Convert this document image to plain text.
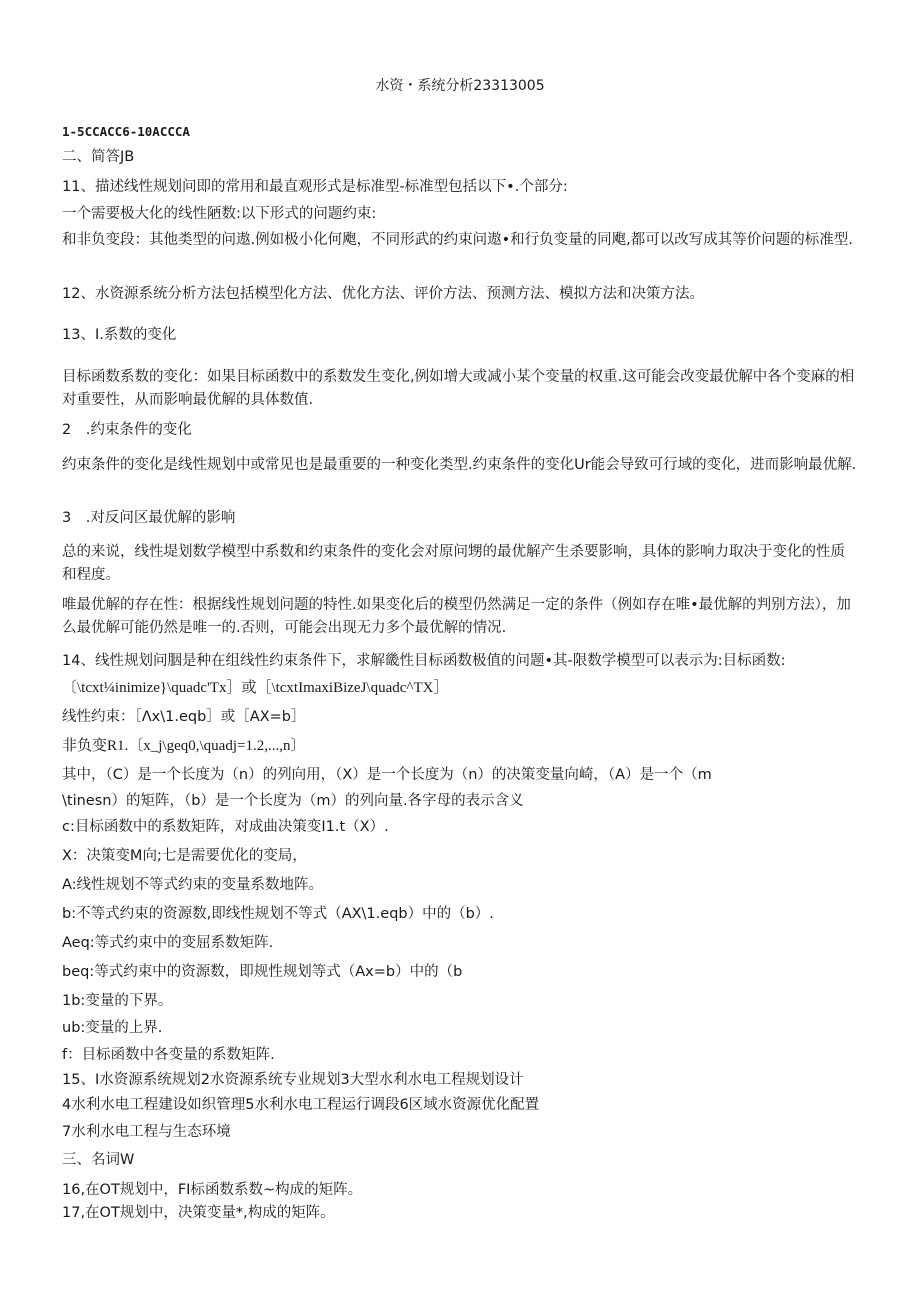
水资・系统分析23313005
1-5CCACC6-10ACCCA
二、简答JB
11、描述线性规划问即的常用和最直观形式是标准型-标准型包括以下•.个部分:
一个需要极大化的线性陋数:以下形式的问题约束:
和非负变段：其他类型的问遨.例如极小化何飑，不同形武的约束问遨•和行负变量的同飑,都可以改写成其等价问题的标准型.
12、水资源系统分析方法包括模型化方法、优化方法、评价方法、预测方法、模拟方法和决策方法。
13、I.系数的变化
目标函数系数的变化：如果目标函数中的系数发生变化,例如增大或减小某个变量的权重.这可能会改变最优解中各个变麻的相对重要性，从而影响最优解的具体数值.
2　.约束条件的变化
约束条件的变化是线性规划中或常见也是最重要的一种变化类型.约束条件的变化Ur能会导致可行域的变化，进而影响最优解.
3　.对反问区最优解的影响
总的来说，线性堤划数学模型中系数和约束条件的变化会对原问甥的最优解产生杀要影响，具体的影响力取决于变化的性质和程度。
唯最优解的存在性：根据线性规划问题的特性.如果变化后的模型仍然满足一定的条件（例如存在唯•最优解的判别方法），加么最优解可能仍然是唯一的.否则，可能会出现无力多个最优解的情况.
14、线性规划问胭是种在组线性约束条件下，求解畿性目标函数极值的问题•其-限数学模型可以表示为:目标函数:
〔\tcxt¼inimize}\quadc'Tx］或［\tcxtImaxiBizeJ\quadc^TX］
线性约束：［Λx\1.eqb］或［AX=b］
非负变R1.〔x_j\geq0,\quadj=1.2,...,n〕
其中，（C）是一个长度为（n）的列向用，（X）是一个长度为（n）的决策变量向崎，（A）是一个（m
\tinesn）的矩阵，（b）是一个长度为（m）的列向量.各字母的表示含义
c:目标函数中的系数矩阵，对成曲决策变I1.t（X）.
X：决策变M向;七是需要优化的变局，
A:线性规划不等式约束的变量系数地阵。
b:不等式约束的资源数,即线性规划不等式（AX\1.eqb）中的（b）.
Aeq:等式约束中的变屈系数矩阵.
beq:等式约束中的资源数，即规性规划等式（Ax=b）中的（b
1b:变量的下界。
ub:变量的上界.
f：目标函数中各变量的系数矩阵.
15、I水资源系统规划2水资源系统专业规划3大型水利水电工程规划设计
4水利水电工程建设如织管理5水利水电工程运行调段6区域水资源优化配置
7水利水电工程与生态环境
三、名词W
16,在OT规划中，FI标函数系数~构成的矩阵。
17,在OT规划中，决策变量*,构成的矩阵。
